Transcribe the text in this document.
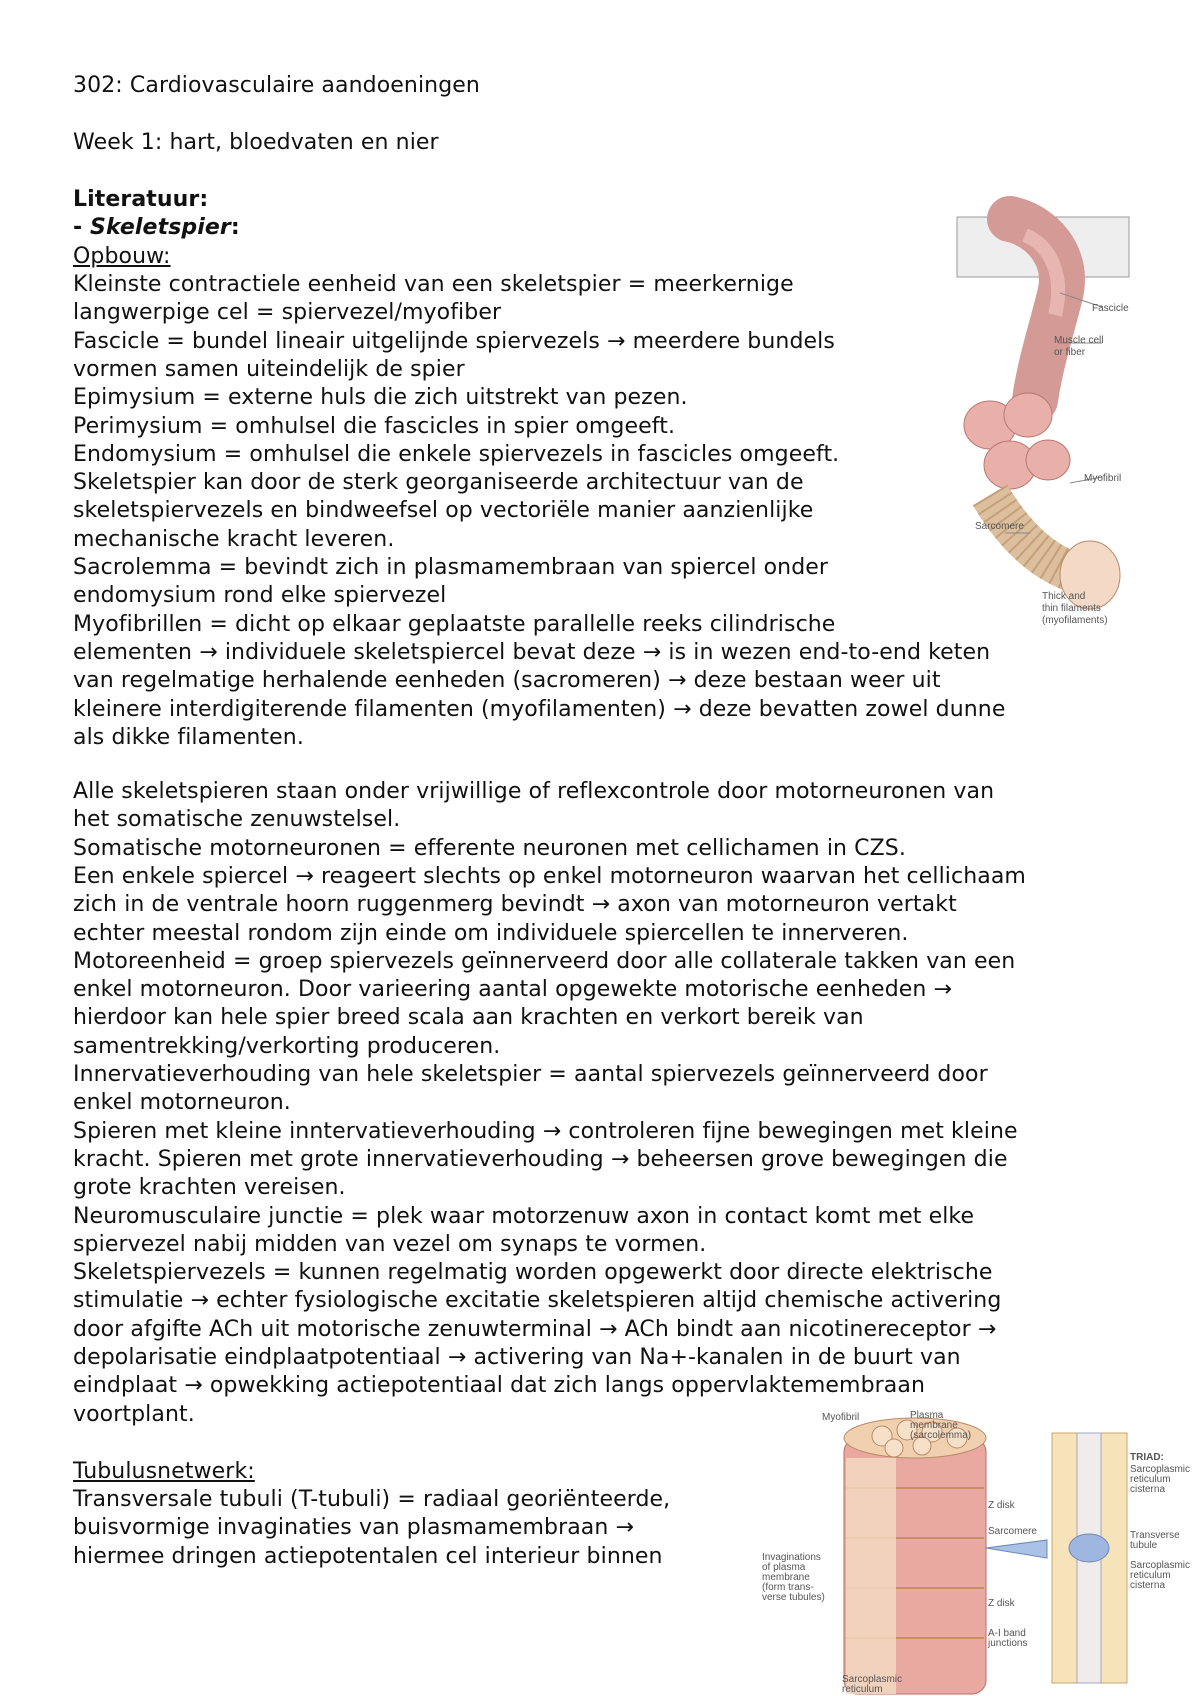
302: Cardiovasculaire aandoeningen
Week 1: hart, bloedvaten en nier
Literatuur:
- Skeletspier:
Opbouw:
Kleinste contractiele eenheid van een skeletspier = meerkernige
langwerpige cel = spiervezel/myofiber
Fascicle = bundel lineair uitgelijnde spiervezels → meerdere bundels
vormen samen uiteindelijk de spier
Epimysium = externe huls die zich uitstrekt van pezen.
Perimysium = omhulsel die fascicles in spier omgeeft.
Endomysium = omhulsel die enkele spiervezels in fascicles omgeeft.
Skeletspier kan door de sterk georganiseerde architectuur van de
skeletspiervezels en bindweefsel op vectoriële manier aanzienlijke
mechanische kracht leveren.
Sacrolemma = bevindt zich in plasmamembraan van spiercel onder
endomysium rond elke spiervezel
Myofibrillen = dicht op elkaar geplaatste parallelle reeks cilindrische
elementen → individuele skeletspiercel bevat deze → is in wezen end-to-end keten
van regelmatige herhalende eenheden (sacromeren) → deze bestaan weer uit
kleinere interdigiterende filamenten (myofilamenten) → deze bevatten zowel dunne
als dikke filamenten.
Alle skeletspieren staan onder vrijwillige of reflexcontrole door motorneuronen van
het somatische zenuwstelsel.
Somatische motorneuronen = efferente neuronen met cellichamen in CZS.
Een enkele spiercel → reageert slechts op enkel motorneuron waarvan het cellichaam
zich in de ventrale hoorn ruggenmerg bevindt → axon van motorneuron vertakt
echter meestal rondom zijn einde om individuele spiercellen te innerveren.
Motoreenheid = groep spiervezels geïnnerveerd door alle collaterale takken van een
enkel motorneuron. Door varieering aantal opgewekte motorische eenheden →
hierdoor kan hele spier breed scala aan krachten en verkort bereik van
samentrekking/verkorting produceren.
Innervatieverhouding van hele skeletspier = aantal spiervezels geïnnerveerd door
enkel motorneuron.
Spieren met kleine inntervatieverhouding → controleren fijne bewegingen met kleine
kracht. Spieren met grote innervatieverhouding → beheersen grove bewegingen die
grote krachten vereisen.
Neuromusculaire junctie = plek waar motorzenuw axon in contact komt met elke
spiervezel nabij midden van vezel om synaps te vormen.
Skeletspiervezels = kunnen regelmatig worden opgewerkt door directe elektrische
stimulatie → echter fysiologische excitatie skeletspieren altijd chemische activering
door afgifte ACh uit motorische zenuwterminal → ACh bindt aan nicotinereceptor →
depolarisatie eindplaatpotentiaal → activering van Na+-kanalen in de buurt van
eindplaat → opwekking actiepotentiaal dat zich langs oppervlaktemembraan
voortplant.
Tubulusnetwerk:
Transversale tubuli (T-tubuli) = radiaal georiënteerde,
buisvormige invaginaties van plasmamembraan →
hiermee dringen actiepotentalen cel interieur binnen
Fascicle
Muscle cell
or fiber
Myofibril
Sarcomere
Thick and
thin filaments
(myofilaments)
Myofibril	Plasma
membrane
(sarcolemma)
TRIAD:
Sarcoplasmic
reticulum
cisterna
Z disk
Sarcomere	Transverse
tubule
Invaginations
of plasma
membrane
(form trans-
verse tubules)
Sarcoplasmic
reticulum
cisterna
Z disk
A-I band
junctions
Sarcoplasmic
reticulum
